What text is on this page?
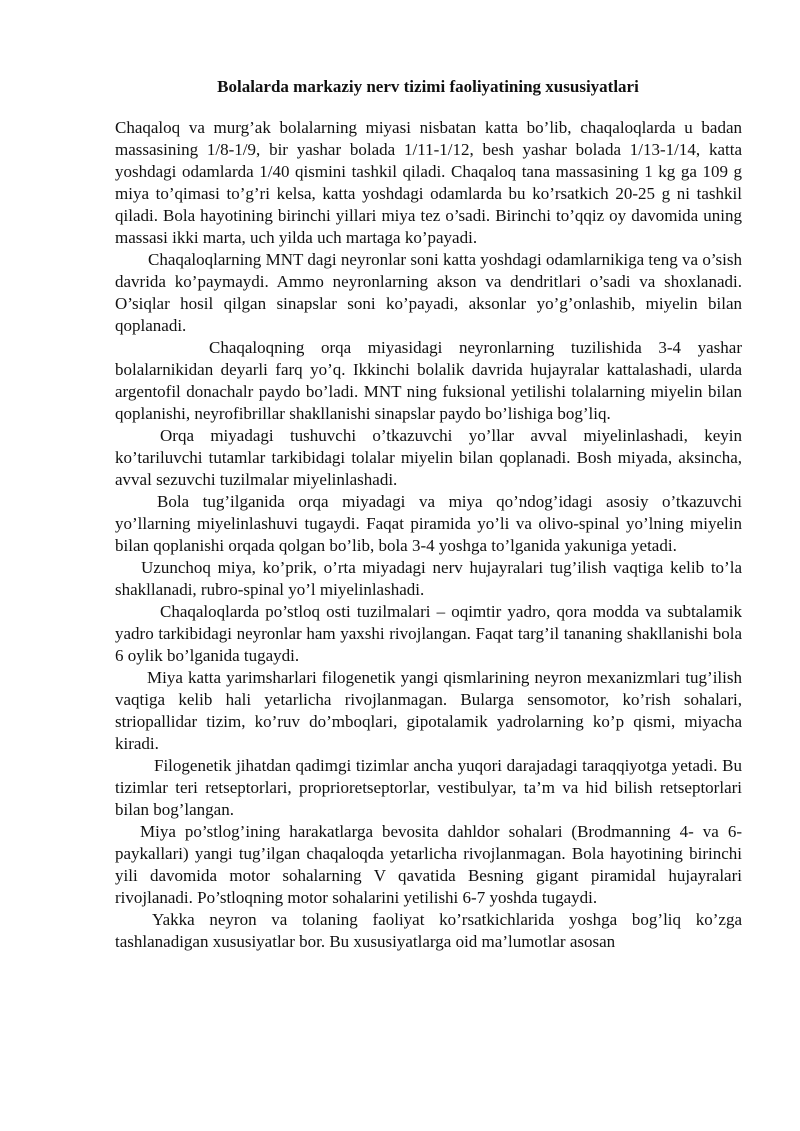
Bolalarda markaziy nerv tizimi faoliyatining xususiyatlari

Chaqaloq va murg’ak bolalarning miyasi nisbatan katta bo’lib, chaqaloqlarda u badan massasining 1/8-1/9, bir yashar bolada 1/11-1/12, besh yashar bolada 1/13-1/14, katta yoshdagi odamlarda 1/40 qismini tashkil qiladi. Chaqaloq tana massasining 1 kg ga 109 g miya to’qimasi to’g’ri kelsa, katta yoshdagi odamlarda bu ko’rsatkich 20-25 g ni tashkil qiladi. Bola hayotining birinchi yillari miya tez o’sadi. Birinchi to’qqiz oy davomida uning massasi ikki marta, uch yilda uch martaga ko’payadi.

Chaqaloqlarning MNT dagi neyronlar soni katta yoshdagi odamlarnikiga teng va o’sish davrida ko’paymaydi. Ammo neyronlarning akson va dendritlari o’sadi va shoxlanadi. O’siqlar hosil qilgan sinapslar soni ko’payadi, aksonlar yo’g’onlashib, miyelin bilan qoplanadi.

Chaqaloqning orqa miyasidagi neyronlarning tuzilishida 3-4 yashar bolalarnikidan deyarli farq yo’q. Ikkinchi bolalik davrida hujayralar kattalashadi, ularda argentofil donachalr paydo bo’ladi. MNT ning fuksional yetilishi tolalarning miyelin bilan qoplanishi, neyrofibrillar shakllanishi sinapslar paydo bo’lishiga bog’liq.

Orqa miyadagi tushuvchi o’tkazuvchi yo’llar avval miyelinlashadi, keyin ko’tariluvchi tutamlar tarkibidagi tolalar miyelin bilan qoplanadi. Bosh miyada, aksincha, avval sezuvchi tuzilmalar miyelinlashadi.

Bola tug’ilganida orqa miyadagi va miya qo’ndog’idagi asosiy o’tkazuvchi yo’llarning miyelinlashuvi tugaydi. Faqat piramida yo’li va olivo-spinal yo’lning miyelin bilan qoplanishi orqada qolgan bo’lib, bola 3-4 yoshga to’lganida yakuniga yetadi.

Uzunchoq miya, ko’prik, o’rta miyadagi nerv hujayralari tug’ilish vaqtiga kelib to’la shakllanadi, rubro-spinal yo’l miyelinlashadi.

Chaqaloqlarda po’stloq osti tuzilmalari – oqimtir yadro, qora modda va subtalamik yadro tarkibidagi neyronlar ham yaxshi rivojlangan. Faqat targ’il tananing shakllanishi bola 6 oylik bo’lganida tugaydi.

Miya katta yarimsharlari filogenetik yangi qismlarining neyron mexanizmlari tug’ilish vaqtiga kelib hali yetarlicha rivojlanmagan. Bularga sensomotor, ko’rish sohalari, striopallidar tizim, ko’ruv do’mboqlari, gipotalamik yadrolarning ko’p qismi, miyacha kiradi.

Filogenetik jihatdan qadimgi tizimlar ancha yuqori darajadagi taraqqiyotga yetadi. Bu tizimlar teri retseptorlari, proprioretseptorlar, vestibulyar, ta’m va hid bilish retseptorlari bilan bog’langan.

Miya po’stlog’ining harakatlarga bevosita dahldor sohalari (Brodmanning 4- va 6-paykallari) yangi tug’ilgan chaqaloqda yetarlicha rivojlanmagan. Bola hayotining birinchi yili davomida motor sohalarning V qavatida Besning gigant piramidal hujayralari rivojlanadi. Po’stloqning motor sohalarini yetilishi 6-7 yoshda tugaydi.

Yakka neyron va tolaning faoliyat ko’rsatkichlarida yoshga bog’liq ko’zga tashlanadigan xususiyatlar bor. Bu xususiyatlarga oid ma’lumotlar asosan
